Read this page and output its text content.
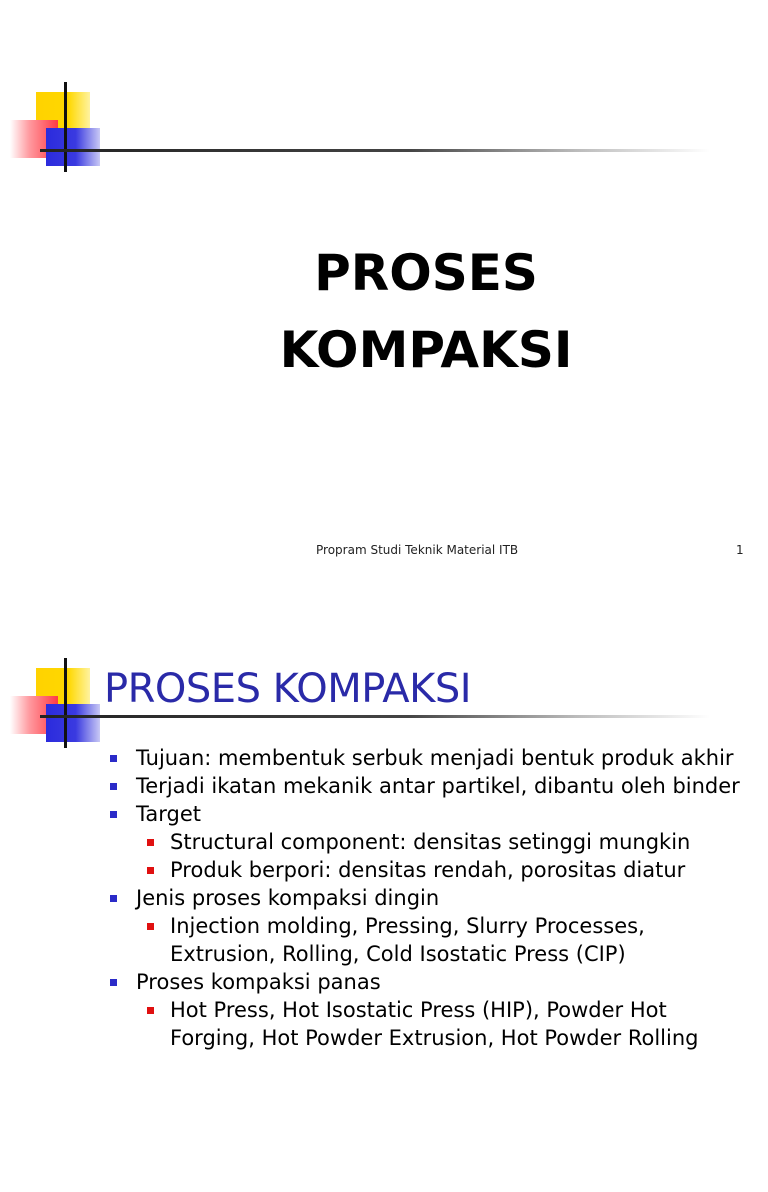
PROSES
KOMPAKSI
Propram Studi Teknik Material ITB	1
PROSES KOMPAKSI
Tujuan: membentuk serbuk menjadi bentuk produk akhir
Terjadi ikatan mekanik antar partikel, dibantu oleh binder
Target
Structural component: densitas setinggi mungkin
Produk berpori: densitas rendah, porositas diatur
Jenis proses kompaksi dingin
Injection molding, Pressing, Slurry Processes,
Extrusion, Rolling, Cold Isostatic Press (CIP)
Proses kompaksi panas
Hot Press, Hot Isostatic Press (HIP), Powder Hot
Forging, Hot Powder Extrusion, Hot Powder Rolling
